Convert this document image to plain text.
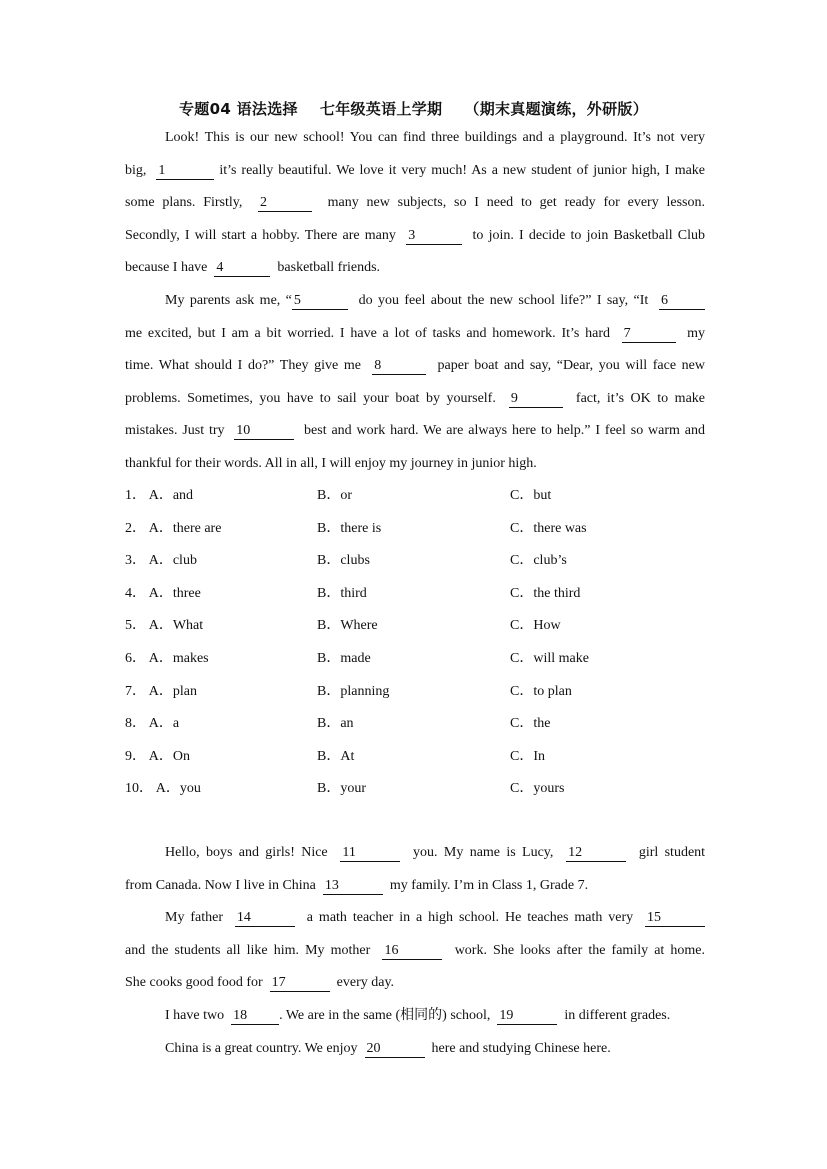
专题04 语法选择 七年级英语上学期 （期末真题演练，外研版）
Look! This is our new school! You can find three buildings and a playground. It’s not very
big, 1	it’s really beautiful. We love it very much! As a new student of junior high, I make
some plans. Firstly, 2	many new subjects, so I need to get ready for every lesson.
Secondly, I will start a hobby. There are many 3	to join. I decide to join Basketball Club
because I have 4	basketball friends.
My parents ask me, “ 5	do you feel about the new school life?” I say, “It 6
me excited, but I am a bit worried. I have a lot of tasks and homework. It’s hard 7	my
time. What should I do?” They give me 8	paper boat and say, “Dear, you will face new
problems. Sometimes, you have to sail your boat by yourself. 9	fact, it’s OK to make
mistakes. Just try 10	best and work hard. We are always here to help.” I feel so warm and
thankful for their words. All in all, I will enjoy my journey in junior high.
1． A．and	B．or	C．but
2． A．there are	B．there is	C．there was
3． A．club	B．clubs	C．club’s
4． A．three	B．third	C．the third
5． A．What	B．Where	C．How
6． A．makes	B．made	C．will make
7． A．plan	B．planning	C．to plan
8． A．a	B．an	C．the
9． A．On	B．At	C．In
10． A．you	B．your	C．yours
Hello, boys and girls! Nice 11	you. My name is Lucy, 12	girl student
from Canada. Now I live in China 13	my family. I’m in Class 1, Grade 7.
My father 14	a math teacher in a high school. He teaches math very 15
and the students all like him. My mother 16	work. She looks after the family at home.
She cooks good food for 17	every day.
I have two 18 . We are in the same (相同的) school, 19	in different grades.
China is a great country. We enjoy 20	here and studying Chinese here.
